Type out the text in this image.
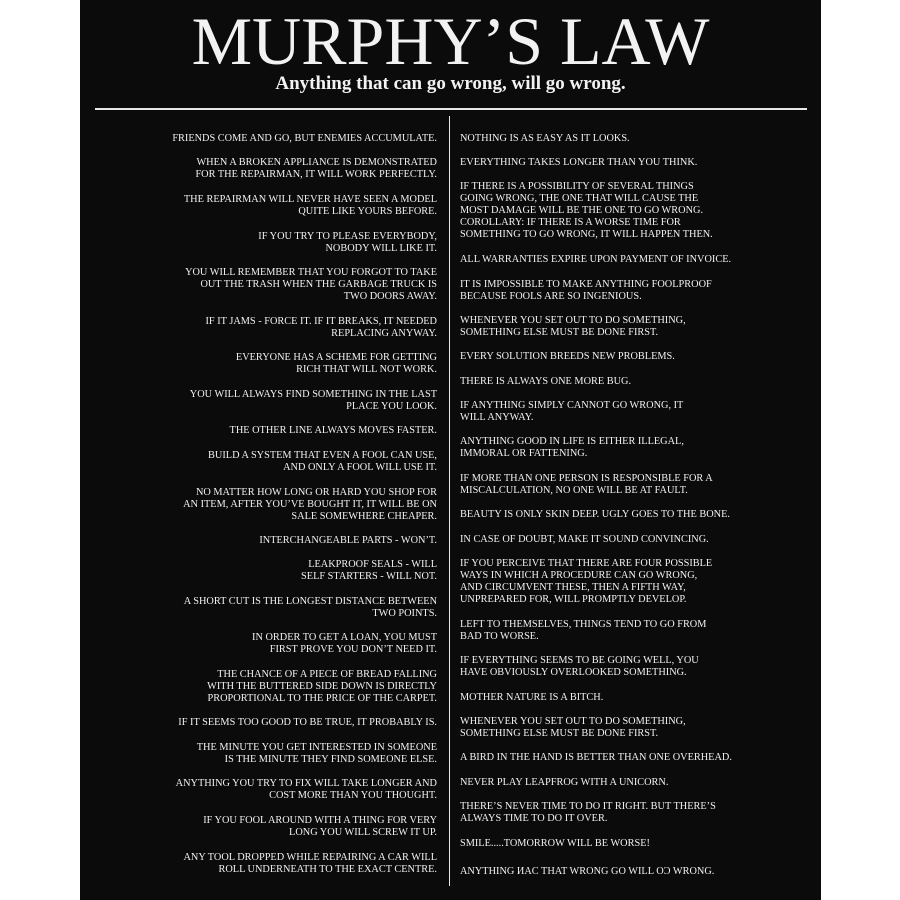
MURPHY’S LAW
Anything that can go wrong, will go wrong.
FRIENDS COME AND GO, BUT ENEMIES ACCUMULATE.
WHEN A BROKEN APPLIANCE IS DEMONSTRATED
FOR THE REPAIRMAN, IT WILL WORK PERFECTLY.
THE REPAIRMAN WILL NEVER HAVE SEEN A MODEL
QUITE LIKE YOURS BEFORE.
IF YOU TRY TO PLEASE EVERYBODY,
NOBODY WILL LIKE IT.
YOU WILL REMEMBER THAT YOU FORGOT TO TAKE
OUT THE TRASH WHEN THE GARBAGE TRUCK IS
TWO DOORS AWAY.
IF IT JAMS - FORCE IT. IF IT BREAKS, IT NEEDED
REPLACING ANYWAY.
EVERYONE HAS A SCHEME FOR GETTING
RICH THAT WILL NOT WORK.
YOU WILL ALWAYS FIND SOMETHING IN THE LAST
PLACE YOU LOOK.
THE OTHER LINE ALWAYS MOVES FASTER.
BUILD A SYSTEM THAT EVEN A FOOL CAN USE,
AND ONLY A FOOL WILL USE IT.
NO MATTER HOW LONG OR HARD YOU SHOP FOR
AN ITEM, AFTER YOU’VE BOUGHT IT, IT WILL BE ON
SALE SOMEWHERE CHEAPER.
INTERCHANGEABLE PARTS - WON’T.
LEAKPROOF SEALS - WILL
SELF STARTERS - WILL NOT.
A SHORT CUT IS THE LONGEST DISTANCE BETWEEN
TWO POINTS.
IN ORDER TO GET A LOAN, YOU MUST
FIRST PROVE YOU DON’T NEED IT.
THE CHANCE OF A PIECE OF BREAD FALLING
WITH THE BUTTERED SIDE DOWN IS DIRECTLY
PROPORTIONAL TO THE PRICE OF THE CARPET.
IF IT SEEMS TOO GOOD TO BE TRUE, IT PROBABLY IS.
THE MINUTE YOU GET INTERESTED IN SOMEONE
IS THE MINUTE THEY FIND SOMEONE ELSE.
ANYTHING YOU TRY TO FIX WILL TAKE LONGER AND
COST MORE THAN YOU THOUGHT.
IF YOU FOOL AROUND WITH A THING FOR VERY
LONG YOU WILL SCREW IT UP.
ANY TOOL DROPPED WHILE REPAIRING A CAR WILL
ROLL UNDERNEATH TO THE EXACT CENTRE.
NOTHING IS AS EASY AS IT LOOKS.
EVERYTHING TAKES LONGER THAN YOU THINK.
IF THERE IS A POSSIBILITY OF SEVERAL THINGS
GOING WRONG, THE ONE THAT WILL CAUSE THE
MOST DAMAGE WILL BE THE ONE TO GO WRONG.
COROLLARY: IF THERE IS A WORSE TIME FOR
SOMETHING TO GO WRONG, IT WILL HAPPEN THEN.
ALL WARRANTIES EXPIRE UPON PAYMENT OF INVOICE.
IT IS IMPOSSIBLE TO MAKE ANYTHING FOOLPROOF
BECAUSE FOOLS ARE SO INGENIOUS.
WHENEVER YOU SET OUT TO DO SOMETHING,
SOMETHING ELSE MUST BE DONE FIRST.
EVERY SOLUTION BREEDS NEW PROBLEMS.
THERE IS ALWAYS ONE MORE BUG.
IF ANYTHING SIMPLY CANNOT GO WRONG, IT
WILL ANYWAY.
ANYTHING GOOD IN LIFE IS EITHER ILLEGAL,
IMMORAL OR FATTENING.
IF MORE THAN ONE PERSON IS RESPONSIBLE FOR A
MISCALCULATION, NO ONE WILL BE AT FAULT.
BEAUTY IS ONLY SKIN DEEP. UGLY GOES TO THE BONE.
IN CASE OF DOUBT, MAKE IT SOUND CONVINCING.
IF YOU PERCEIVE THAT THERE ARE FOUR POSSIBLE
WAYS IN WHICH A PROCEDURE CAN GO WRONG,
AND CIRCUMVENT THESE, THEN A FIFTH WAY,
UNPREPARED FOR, WILL PROMPTLY DEVELOP.
LEFT TO THEMSELVES, THINGS TEND TO GO FROM
BAD TO WORSE.
IF EVERYTHING SEEMS TO BE GOING WELL, YOU
HAVE OBVIOUSLY OVERLOOKED SOMETHING.
MOTHER NATURE IS A BITCH.
WHENEVER YOU SET OUT TO DO SOMETHING,
SOMETHING ELSE MUST BE DONE FIRST.
A BIRD IN THE HAND IS BETTER THAN ONE OVERHEAD.
NEVER PLAY LEAPFROG WITH A UNICORN.
THERE’S NEVER TIME TO DO IT RIGHT. BUT THERE’S
ALWAYS TIME TO DO IT OVER.
SMILE.....TOMORROW WILL BE WORSE!
ANYTHING ИAC THAT WRONG GO WILL ΟƆ WRONG.
